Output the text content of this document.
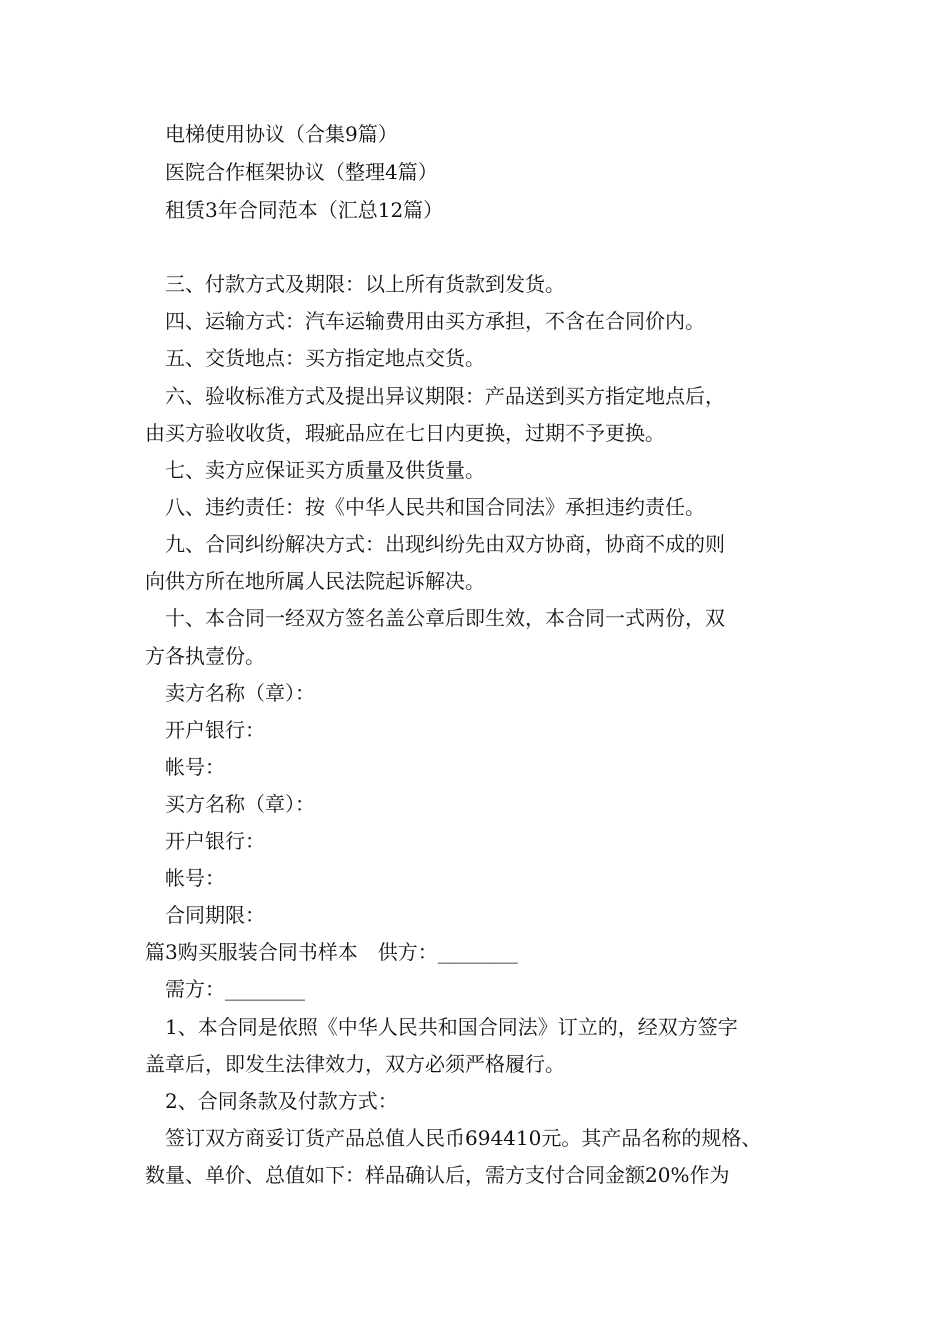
电梯使用协议（合集9篇）
医院合作框架协议（整理4篇）
租赁3年合同范本（汇总12篇）
三、付款方式及期限：以上所有货款到发货。
四、运输方式：汽车运输费用由买方承担，不含在合同价内。
五、交货地点：买方指定地点交货。
六、验收标准方式及提出异议期限：产品送到买方指定地点后，
由买方验收收货，瑕疵品应在七日内更换，过期不予更换。
七、卖方应保证买方质量及供货量。
八、违约责任：按《中华人民共和国合同法》承担违约责任。
九、合同纠纷解决方式：出现纠纷先由双方协商，协商不成的则
向供方所在地所属人民法院起诉解决。
十、本合同一经双方签名盖公章后即生效，本合同一式两份，双
方各执壹份。
卖方名称（章）：
开户银行：
帐号：
买方名称（章）：
开户银行：
帐号：
合同期限：
篇3购买服装合同书样本　供方：________
需方：________
1、本合同是依照《中华人民共和国合同法》订立的，经双方签字
盖章后，即发生法律效力，双方必须严格履行。
2、合同条款及付款方式：
签订双方商妥订货产品总值人民币694410元。其产品名称的规格、
数量、单价、总值如下：样品确认后，需方支付合同金额20%作为
